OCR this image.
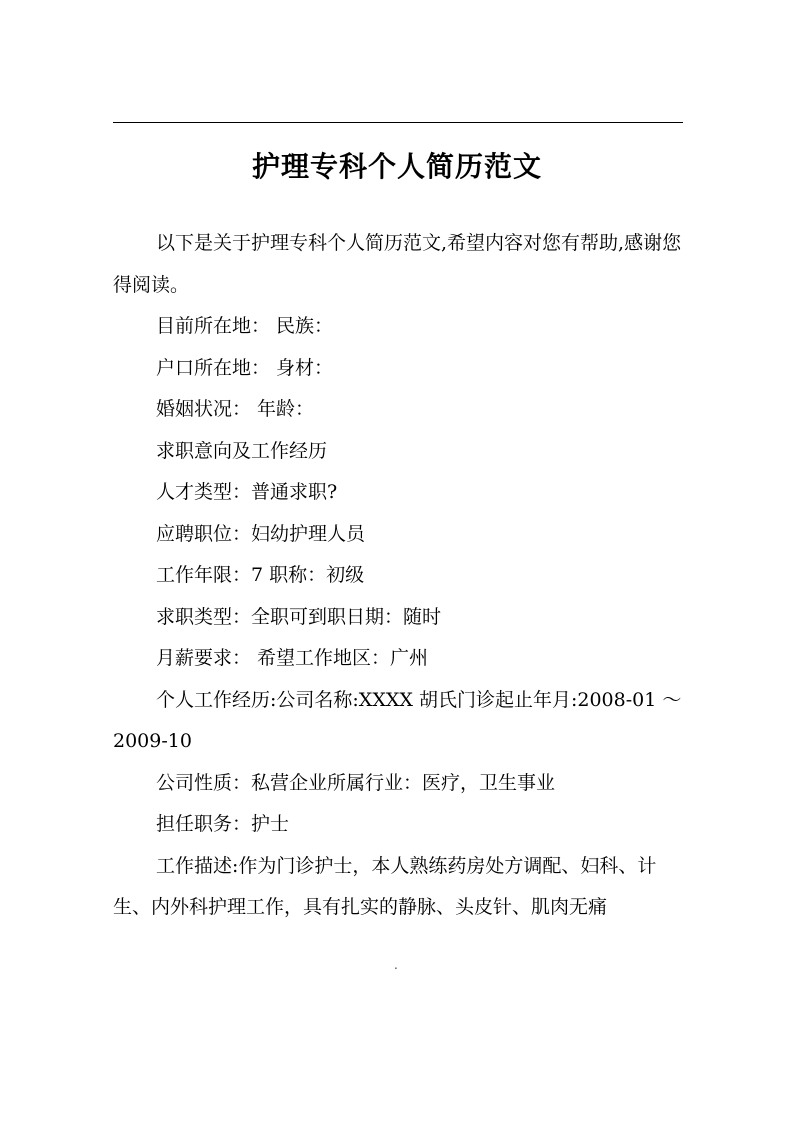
护理专科个人简历范文

以下是关于护理专科个人简历范文,希望内容对您有帮助,感谢您得阅读。

目前所在地： 民族：

户口所在地： 身材：

婚姻状况： 年龄：

求职意向及工作经历

人才类型：普通求职?

应聘职位：妇幼护理人员

工作年限：7 职称：初级

求职类型：全职可到职日期：随时

月薪要求： 希望工作地区：广州

个人工作经历:公司名称:XXXX 胡氏门诊起止年月:2008-01 ～ 2009-10

公司性质：私营企业所属行业：医疗，卫生事业

担任职务：护士

工作描述:作为门诊护士，本人熟练药房处方调配、妇科、计生、内外科护理工作，具有扎实的静脉、头皮针、肌肉无痛

.
